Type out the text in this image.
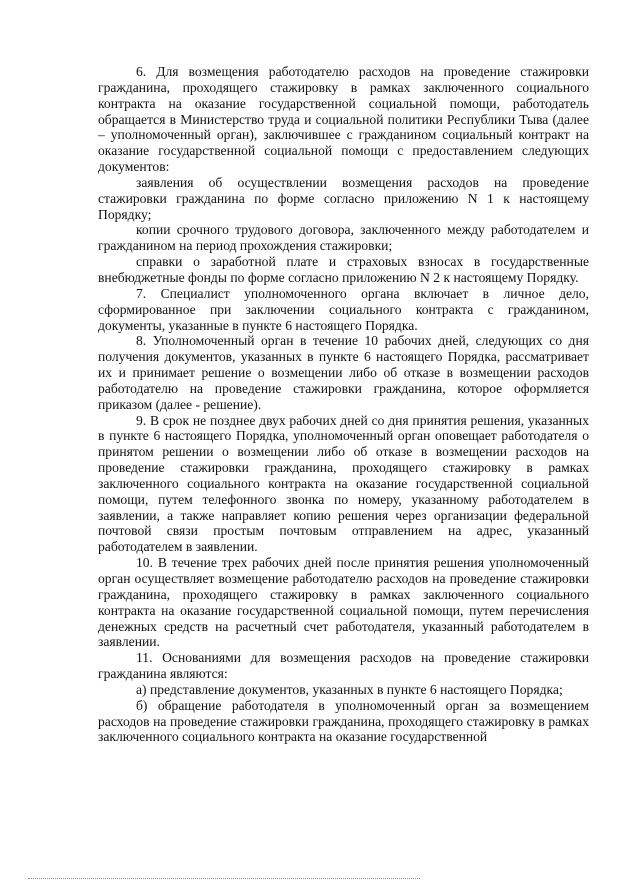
6. Для возмещения работодателю расходов на проведение стажировки гражданина, проходящего стажировку в рамках заключенного социального контракта на оказание государственной социальной помощи, работодатель обращается в Министерство труда и социальной политики Республики Тыва (далее – уполномоченный орган), заключившее с гражданином социальный контракт на оказание государственной социальной помощи с предоставлением следующих документов:

заявления об осуществлении возмещения расходов на проведение стажировки гражданина по форме согласно приложению N 1 к настоящему Порядку;

копии срочного трудового договора, заключенного между работодателем и гражданином на период прохождения стажировки;

справки о заработной плате и страховых взносах в государственные внебюджетные фонды по форме согласно приложению N 2 к настоящему Порядку.

7. Специалист уполномоченного органа включает в личное дело, сформированное при заключении социального контракта с гражданином, документы, указанные в пункте 6 настоящего Порядка.

8. Уполномоченный орган в течение 10 рабочих дней, следующих со дня получения документов, указанных в пункте 6 настоящего Порядка, рассматривает их и принимает решение о возмещении либо об отказе в возмещении расходов работодателю на проведение стажировки гражданина, которое оформляется приказом (далее - решение).

9. В срок не позднее двух рабочих дней со дня принятия решения, указанных в пункте 6 настоящего Порядка, уполномоченный орган оповещает работодателя о принятом решении о возмещении либо об отказе в возмещении расходов на проведение стажировки гражданина, проходящего стажировку в рамках заключенного социального контракта на оказание государственной социальной помощи, путем телефонного звонка по номеру, указанному работодателем в заявлении, а также направляет копию решения через организации федеральной почтовой связи простым почтовым отправлением на адрес, указанный работодателем в заявлении.

10. В течение трех рабочих дней после принятия решения уполномоченный орган осуществляет возмещение работодателю расходов на проведение стажировки гражданина, проходящего стажировку в рамках заключенного социального контракта на оказание государственной социальной помощи, путем перечисления денежных средств на расчетный счет работодателя, указанный работодателем в заявлении.

11. Основаниями для возмещения расходов на проведение стажировки гражданина являются:

а) представление документов, указанных в пункте 6 настоящего Порядка;

б) обращение работодателя в уполномоченный орган за возмещением расходов на проведение стажировки гражданина, проходящего стажировку в рамках заключенного социального контракта на оказание государственной
